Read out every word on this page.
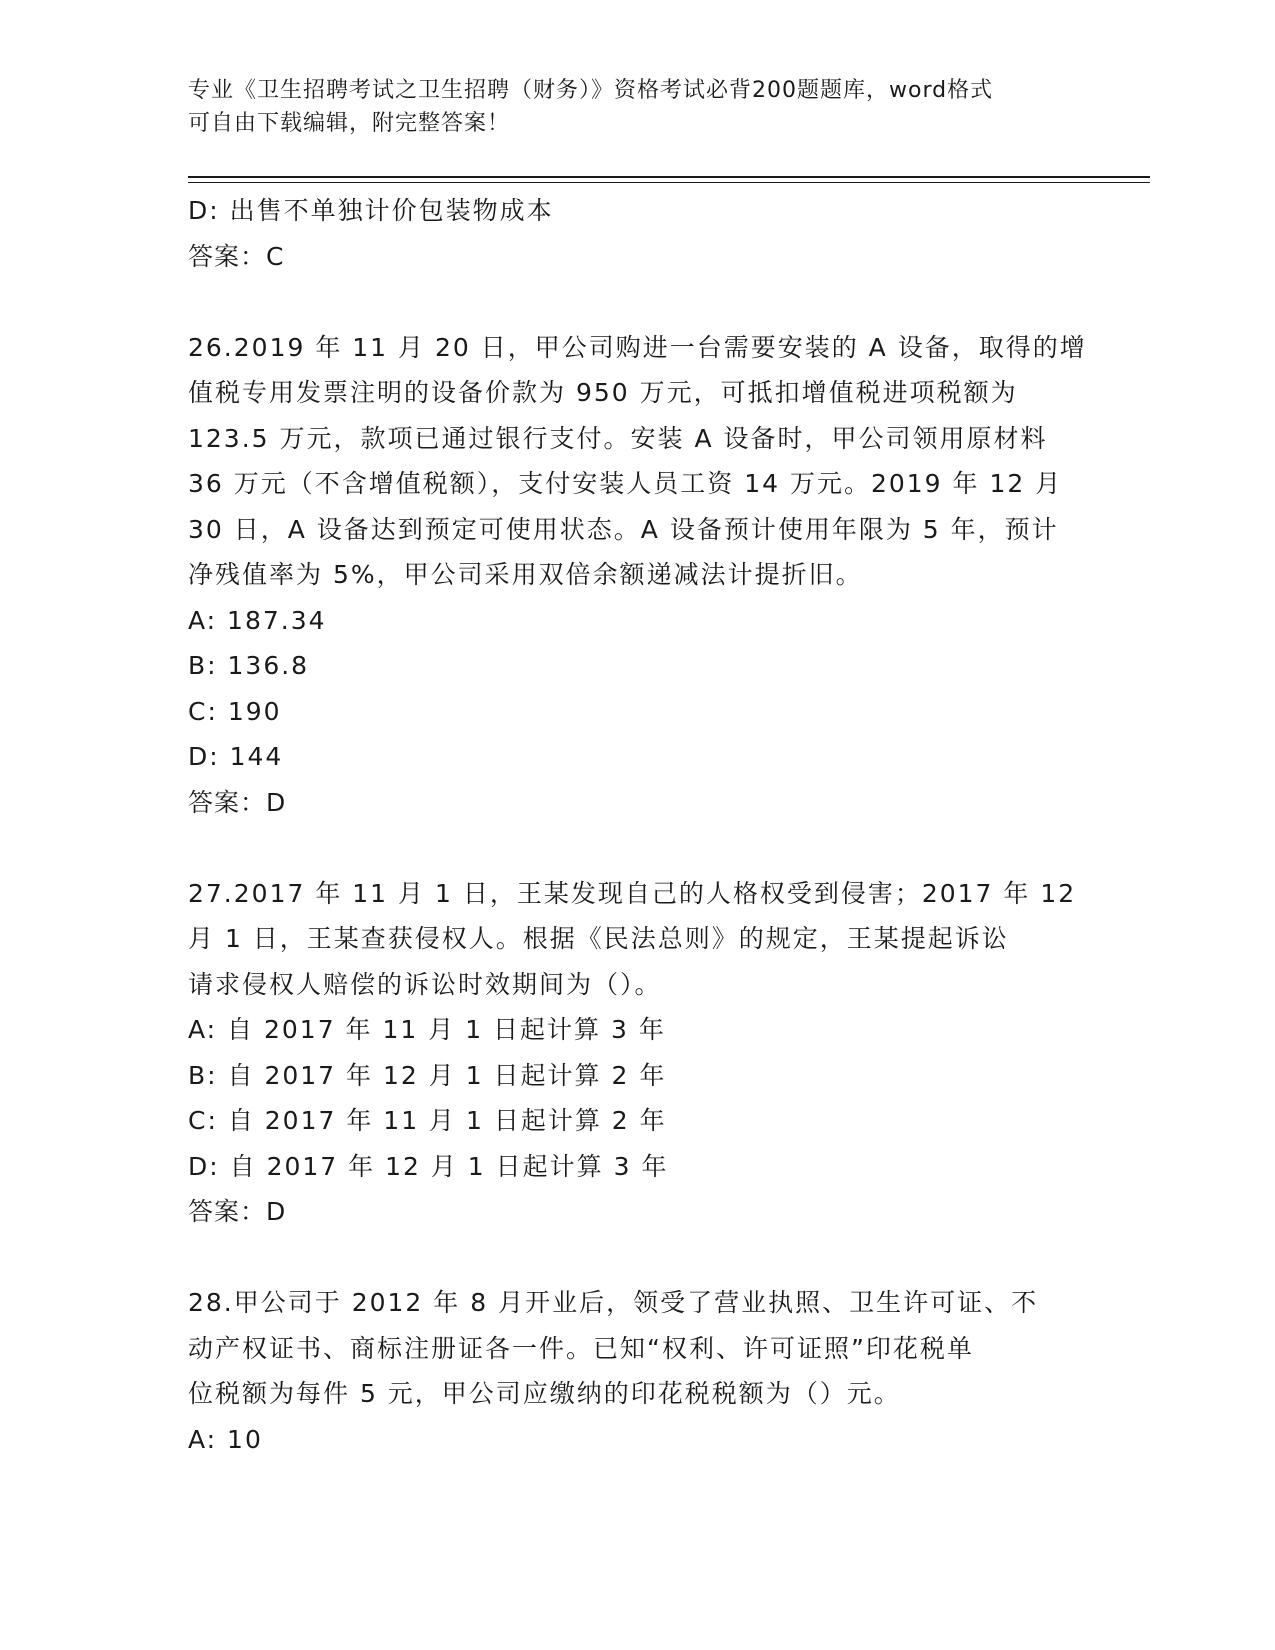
专业《卫生招聘考试之卫生招聘（财务）》资格考试必背200题题库，word格式
可自由下载编辑，附完整答案！
D: 出售不单独计价包装物成本
答案：C
26.2019 年 11 月 20 日，甲公司购进一台需要安装的 A 设备，取得的增
值税专用发票注明的设备价款为 950 万元，可抵扣增值税进项税额为
123.5 万元，款项已通过银行支付。安装 A 设备时，甲公司领用原材料
36 万元（不含增值税额），支付安装人员工资 14 万元。2019 年 12 月
30 日，A 设备达到预定可使用状态。A 设备预计使用年限为 5 年，预计
净残值率为 5%，甲公司采用双倍余额递减法计提折旧。
A: 187.34
B: 136.8
C: 190
D: 144
答案：D
27.2017 年 11 月 1 日，王某发现自己的人格权受到侵害；2017 年 12
月 1 日，王某查获侵权人。根据《民法总则》的规定，王某提起诉讼
请求侵权人赔偿的诉讼时效期间为（）。
A: 自 2017 年 11 月 1 日起计算 3 年
B: 自 2017 年 12 月 1 日起计算 2 年
C: 自 2017 年 11 月 1 日起计算 2 年
D: 自 2017 年 12 月 1 日起计算 3 年
答案：D
28.甲公司于 2012 年 8 月开业后，领受了营业执照、卫生许可证、不
动产权证书、商标注册证各一件。已知“权利、许可证照”印花税单
位税额为每件 5 元，甲公司应缴纳的印花税税额为（）元。
A: 10
